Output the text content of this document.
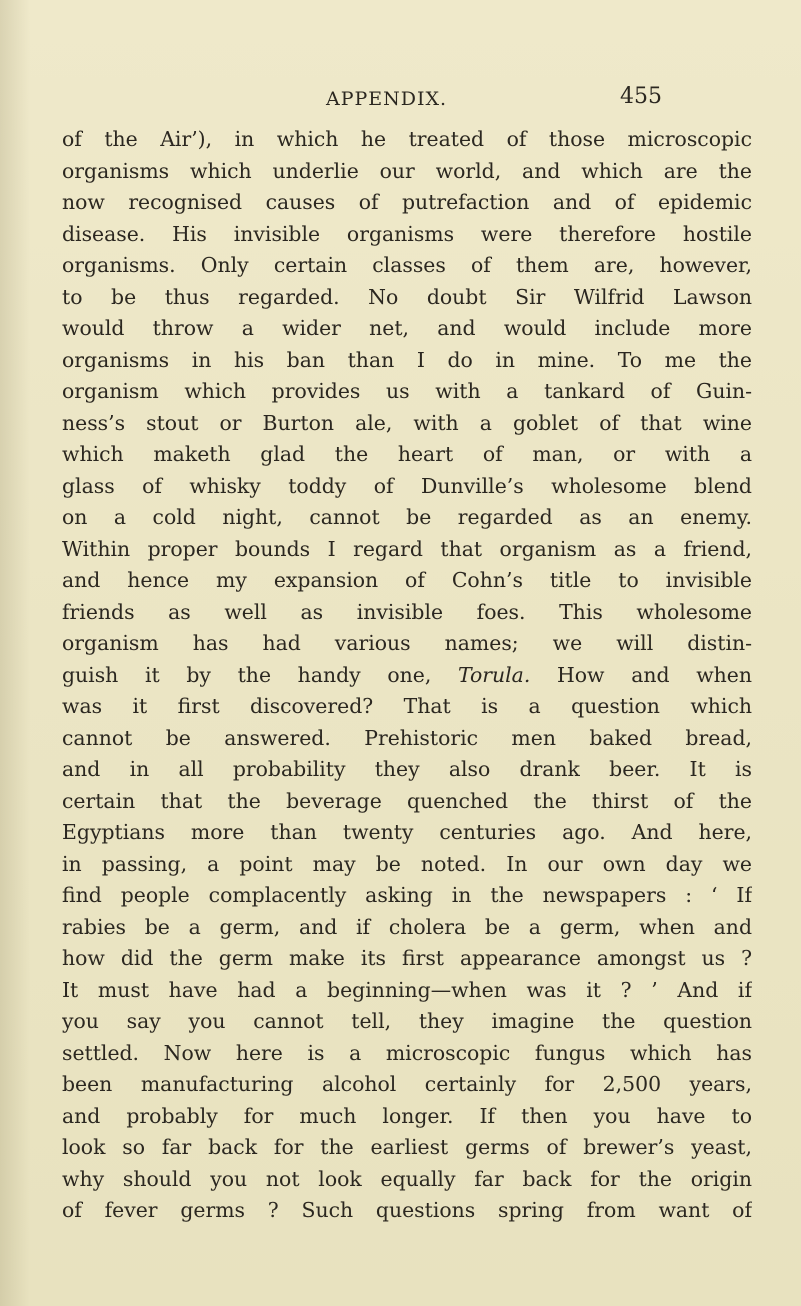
APPENDIX.	455
of the Air’), in which he treated of those microscopic
organisms which underlie our world, and which are the
now recognised causes of putrefaction and of epidemic
disease. His invisible organisms were therefore hostile
organisms. Only certain classes of them are, however,
to be thus regarded. No doubt Sir Wilfrid Lawson
would throw a wider net, and would include more
organisms in his ban than I do in mine. To me the
organism which provides us with a tankard of Guin-
ness’s stout or Burton ale, with a goblet of that wine
which maketh glad the heart of man, or with a
glass of whisky toddy of Dunville’s wholesome blend
on a cold night, cannot be regarded as an enemy.
Within proper bounds I regard that organism as a friend,
and hence my expansion of Cohn’s title to invisible
friends as well as invisible foes. This wholesome
organism has had various names; we will distin-
guish it by the handy one, Torula. How and when
was it first discovered? That is a question which
cannot be answered. Prehistoric men baked bread,
and in all probability they also drank beer. It is
certain that the beverage quenched the thirst of the
Egyptians more than twenty centuries ago. And here,
in passing, a point may be noted. In our own day we
find people complacently asking in the newspapers : ‘ If
rabies be a germ, and if cholera be a germ, when and
how did the germ make its first appearance amongst us ?
It must have had a beginning—when was it ? ’ And if
you say you cannot tell, they imagine the question
settled. Now here is a microscopic fungus which has
been manufacturing alcohol certainly for 2,500 years,
and probably for much longer. If then you have to
look so far back for the earliest germs of brewer’s yeast,
why should you not look equally far back for the origin
of fever germs ? Such questions spring from want of
